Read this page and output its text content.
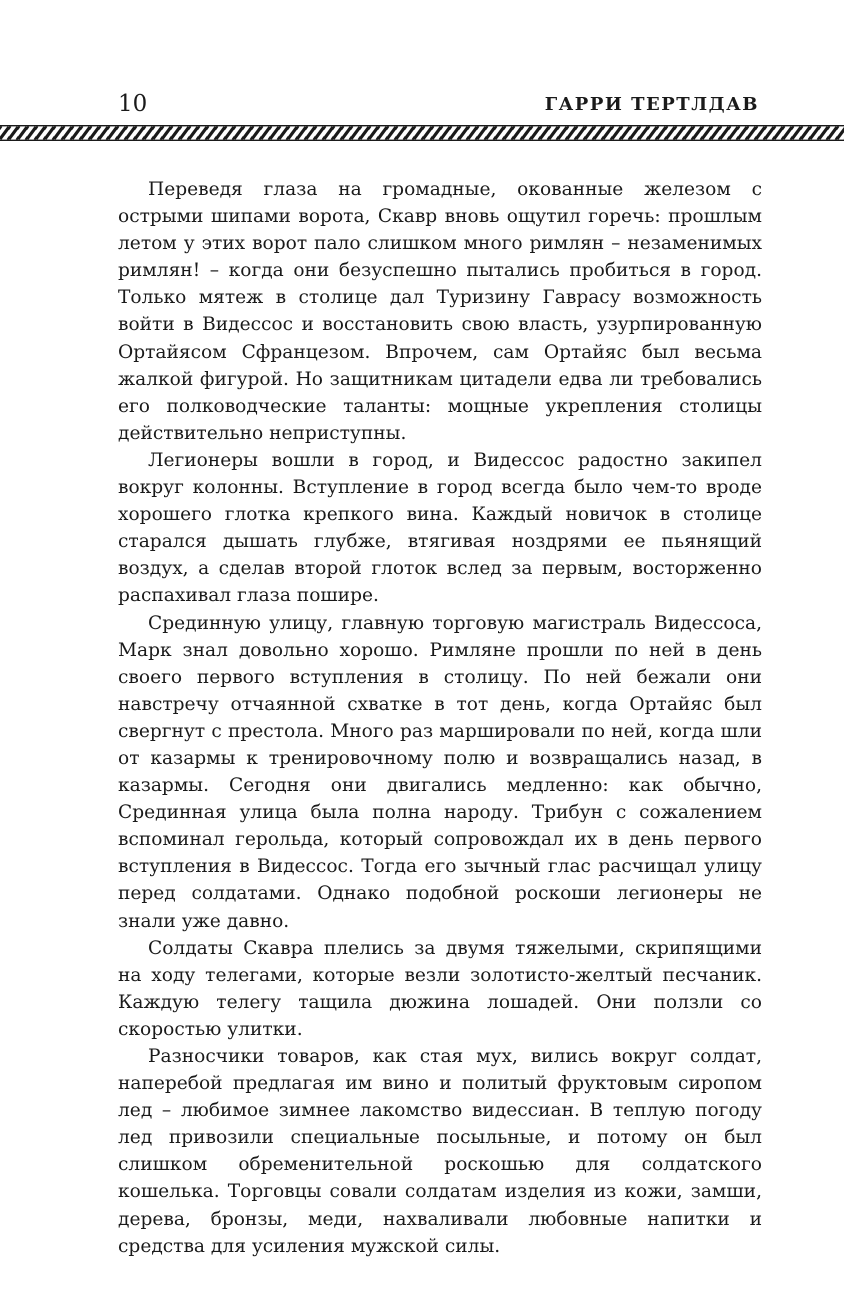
10	ГАРРИ ТЕРТЛДАВ

Переведя глаза на громадные, окованные железом с острыми шипами ворота, Скавр вновь ощутил горечь: прошлым летом у этих ворот пало слишком много римлян – незаменимых римлян! – когда они безуспешно пытались пробиться в город. Только мятеж в столице дал Туризину Гаврасу возможность войти в Видессос и восстановить свою власть, узурпированную Ортайясом Сфранцезом. Впрочем, сам Ортайяс был весьма жалкой фигурой. Но защитникам цитадели едва ли требовались его полководческие таланты: мощные укрепления столицы действительно неприступны.

Легионеры вошли в город, и Видессос радостно закипел вокруг колонны. Вступление в город всегда было чем-то вроде хорошего глотка крепкого вина. Каждый новичок в столице старался дышать глубже, втягивая ноздрями ее пьянящий воздух, а сделав второй глоток вслед за первым, восторженно распахивал глаза пошире.

Срединную улицу, главную торговую магистраль Видессоса, Марк знал довольно хорошо. Римляне прошли по ней в день своего первого вступления в столицу. По ней бежали они навстречу отчаянной схватке в тот день, когда Ортайяс был свергнут с престола. Много раз маршировали по ней, когда шли от казармы к тренировочному полю и возвращались назад, в казармы. Сегодня они двигались медленно: как обычно, Срединная улица была полна народу. Трибун с сожалением вспоминал герольда, который сопровождал их в день первого вступления в Видессос. Тогда его зычный глас расчищал улицу перед солдатами. Однако подобной роскоши легионеры не знали уже давно.

Солдаты Скавра плелись за двумя тяжелыми, скрипящими на ходу телегами, которые везли золотисто-желтый песчаник. Каждую телегу тащила дюжина лошадей. Они ползли со скоростью улитки.

Разносчики товаров, как стая мух, вились вокруг солдат, наперебой предлагая им вино и политый фруктовым сиропом лед – любимое зимнее лакомство видессиан. В теплую погоду лед привозили специальные посыльные, и потому он был слишком обременительной роскошью для солдатского кошелька. Торговцы совали солдатам изделия из кожи, замши, дерева, бронзы, меди, нахваливали любовные напитки и средства для усиления мужской силы.
